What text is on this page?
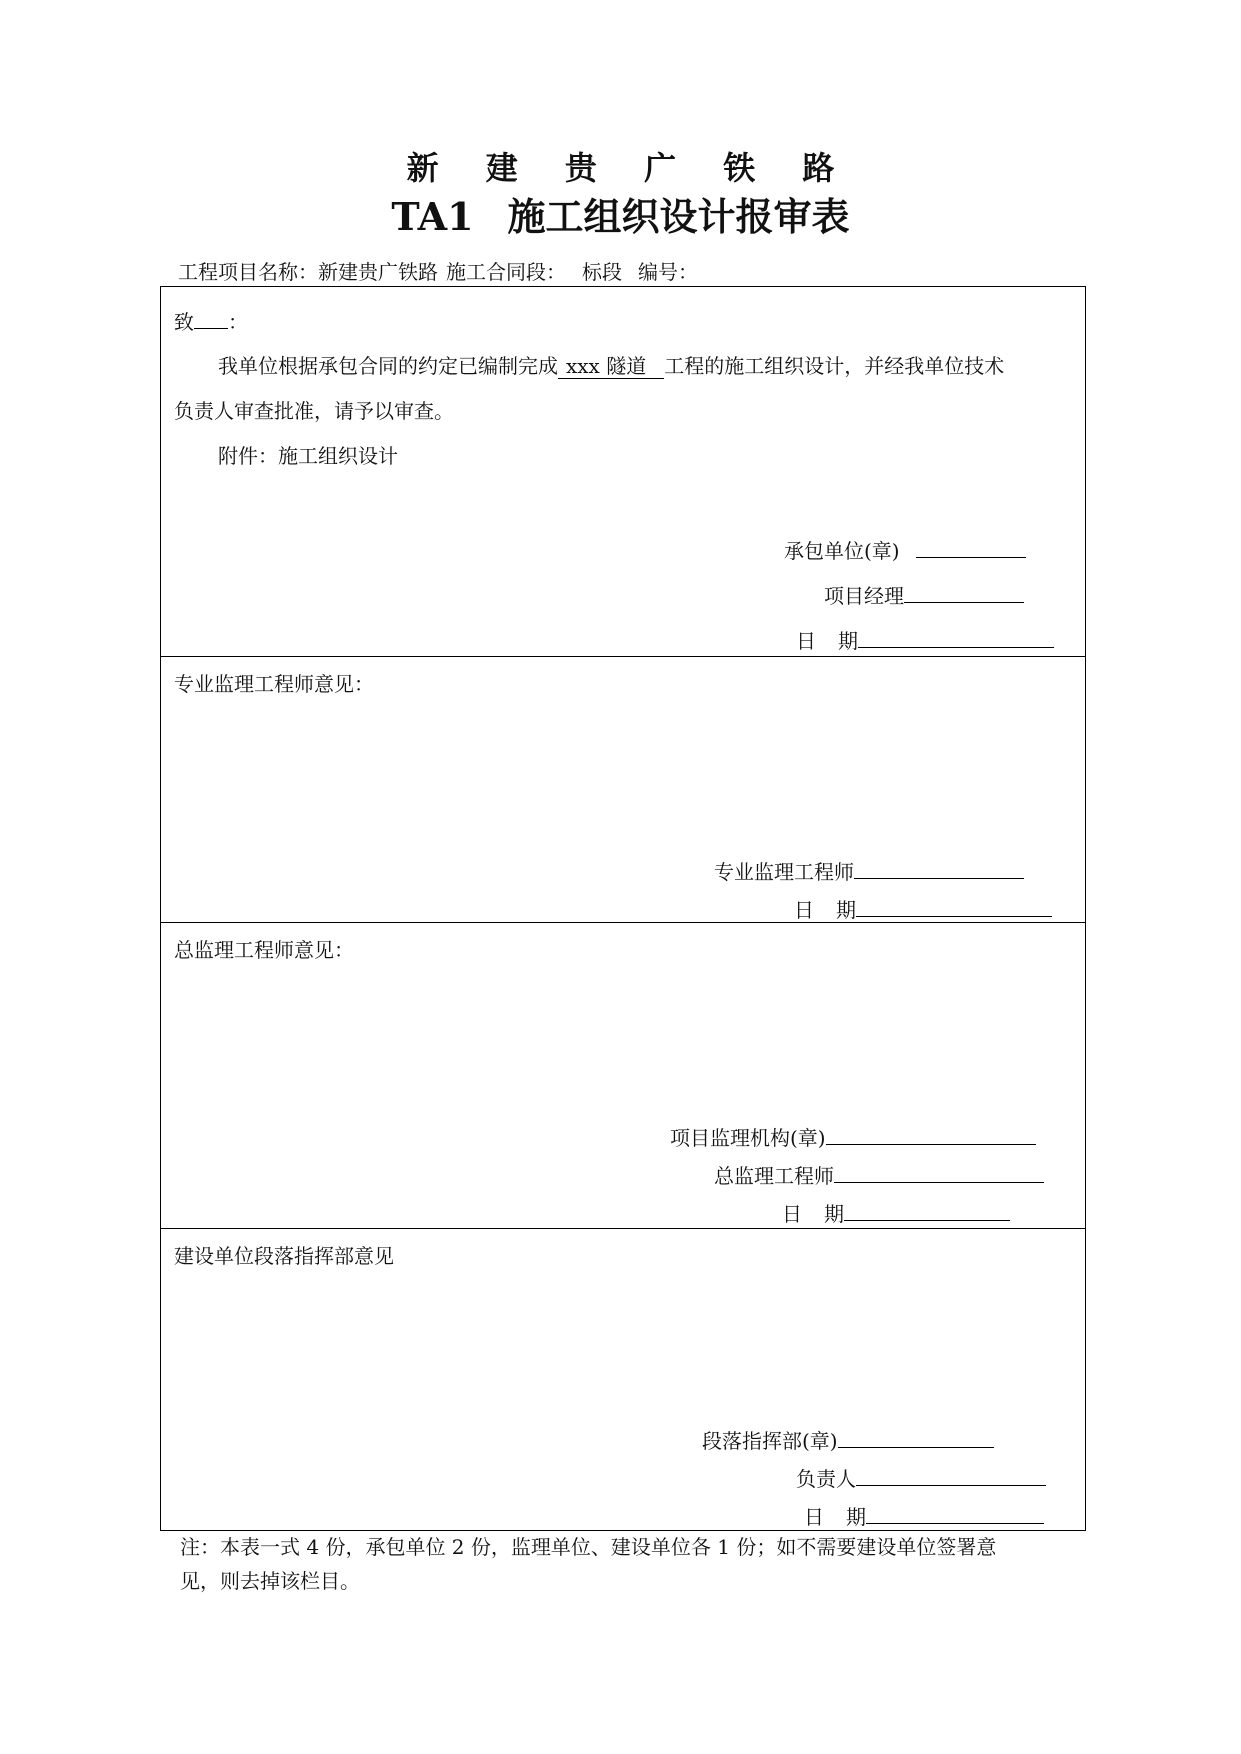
新 建 贵 广 铁 路
TA1 施工组织设计报审表
工程项目名称：新建贵广铁路 施工合同段： 标段 编号：
致 ：
我单位根据承包合同的约定已编制完成 xxx 隧道 工程的施工组织设计，并经我单位技术
负责人审查批准，请予以审查。
附件：施工组织设计
承包单位(章)
项目经理
日 期
专业监理工程师意见：
专业监理工程师
日 期
总监理工程师意见：
项目监理机构(章)
总监理工程师
日 期
建设单位段落指挥部意见
段落指挥部(章)
负责人
日 期
注：本表一式 4 份，承包单位 2 份，监理单位、建设单位各 1 份；如不需要建设单位签署意
见，则去掉该栏目。
